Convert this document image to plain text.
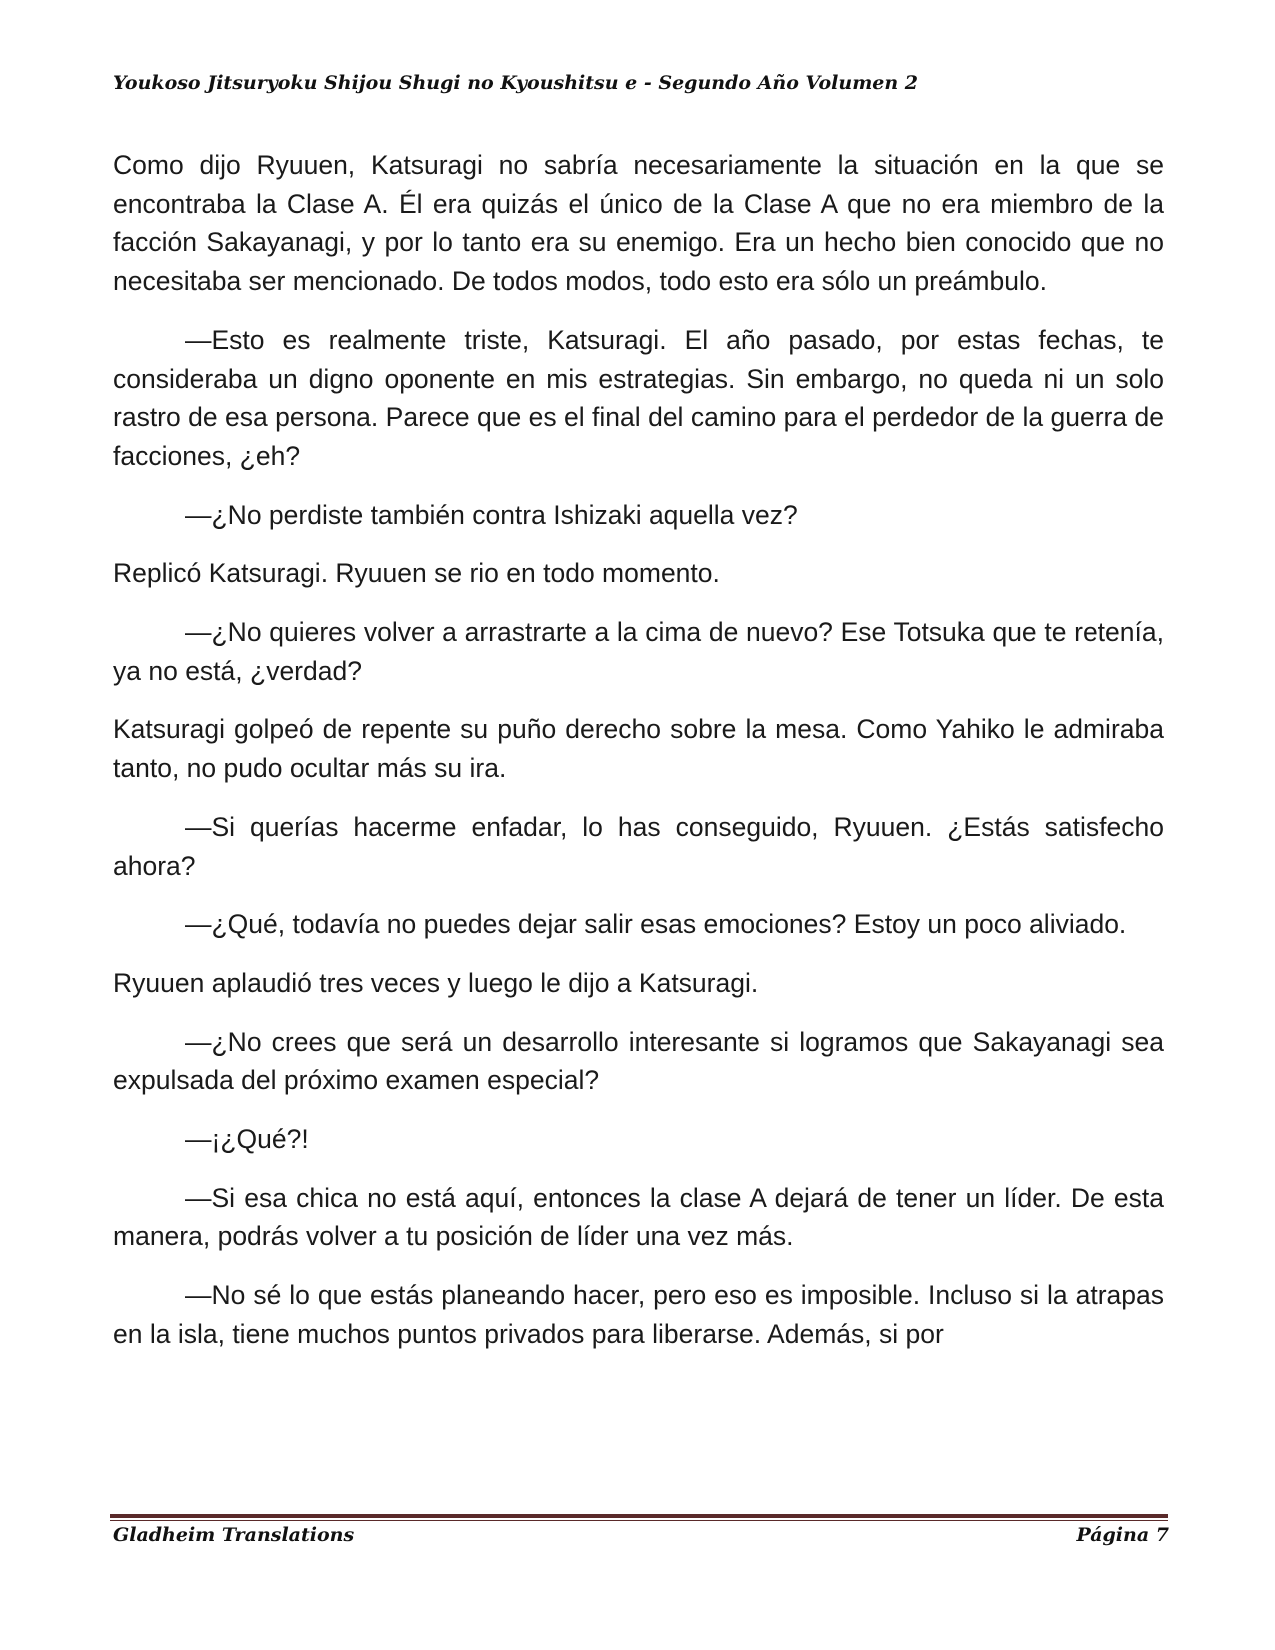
Youkoso Jitsuryoku Shijou Shugi no Kyoushitsu e - Segundo Año Volumen 2

Como dijo Ryuuen, Katsuragi no sabría necesariamente la situación en la que se encontraba la Clase A. Él era quizás el único de la Clase A que no era miembro de la facción Sakayanagi, y por lo tanto era su enemigo. Era un hecho bien conocido que no necesitaba ser mencionado. De todos modos, todo esto era sólo un preámbulo.

—Esto es realmente triste, Katsuragi. El año pasado, por estas fechas, te consideraba un digno oponente en mis estrategias. Sin embargo, no queda ni un solo rastro de esa persona. Parece que es el final del camino para el perdedor de la guerra de facciones, ¿eh?

—¿No perdiste también contra Ishizaki aquella vez?

Replicó Katsuragi. Ryuuen se rio en todo momento.

—¿No quieres volver a arrastrarte a la cima de nuevo? Ese Totsuka que te retenía, ya no está, ¿verdad?

Katsuragi golpeó de repente su puño derecho sobre la mesa. Como Yahiko le admiraba tanto, no pudo ocultar más su ira.

—Si querías hacerme enfadar, lo has conseguido, Ryuuen. ¿Estás satisfecho ahora?

—¿Qué, todavía no puedes dejar salir esas emociones? Estoy un poco aliviado.

Ryuuen aplaudió tres veces y luego le dijo a Katsuragi.

—¿No crees que será un desarrollo interesante si logramos que Sakayanagi sea expulsada del próximo examen especial?

—¡¿Qué?!

—Si esa chica no está aquí, entonces la clase A dejará de tener un líder. De esta manera, podrás volver a tu posición de líder una vez más.

—No sé lo que estás planeando hacer, pero eso es imposible. Incluso si la atrapas en la isla, tiene muchos puntos privados para liberarse. Además, si por

Gladheim Translations	Página 7
